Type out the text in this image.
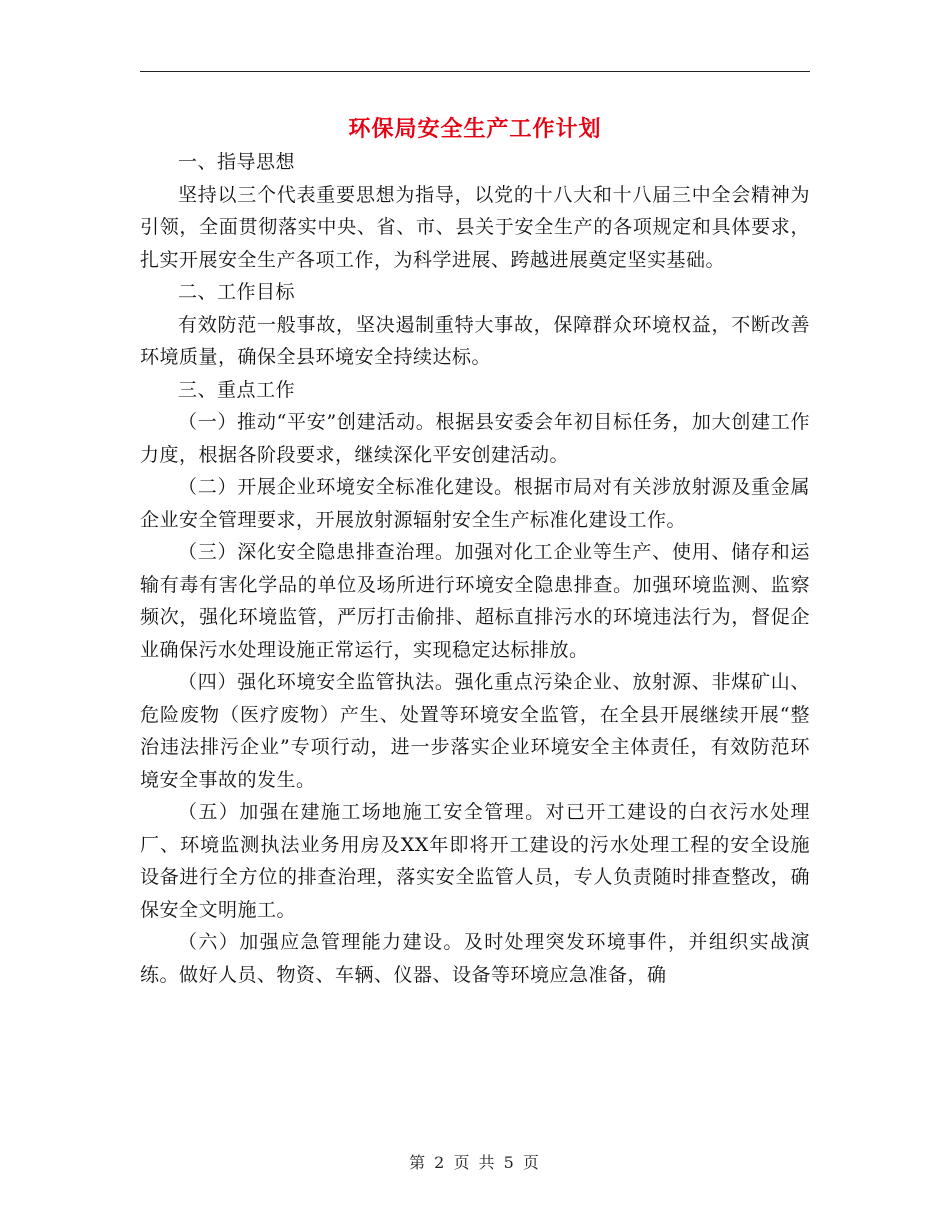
环保局安全生产工作计划

一、指导思想

坚持以三个代表重要思想为指导，以党的十八大和十八届三中全会精神为引领，全面贯彻落实中央、省、市、县关于安全生产的各项规定和具体要求，扎实开展安全生产各项工作，为科学进展、跨越进展奠定坚实基础。

二、工作目标

有效防范一般事故，坚决遏制重特大事故，保障群众环境权益，不断改善环境质量，确保全县环境安全持续达标。

三、重点工作

（一）推动“平安”创建活动。根据县安委会年初目标任务，加大创建工作力度，根据各阶段要求，继续深化平安创建活动。

（二）开展企业环境安全标准化建设。根据市局对有关涉放射源及重金属企业安全管理要求，开展放射源辐射安全生产标准化建设工作。

（三）深化安全隐患排查治理。加强对化工企业等生产、使用、储存和运输有毒有害化学品的单位及场所进行环境安全隐患排查。加强环境监测、监察频次，强化环境监管，严厉打击偷排、超标直排污水的环境违法行为，督促企业确保污水处理设施正常运行，实现稳定达标排放。

（四）强化环境安全监管执法。强化重点污染企业、放射源、非煤矿山、危险废物（医疗废物）产生、处置等环境安全监管，在全县开展继续开展“整治违法排污企业”专项行动，进一步落实企业环境安全主体责任，有效防范环境安全事故的发生。

（五）加强在建施工场地施工安全管理。对已开工建设的白衣污水处理厂、环境监测执法业务用房及XX年即将开工建设的污水处理工程的安全设施设备进行全方位的排查治理，落实安全监管人员，专人负责随时排查整改，确保安全文明施工。

（六）加强应急管理能力建设。及时处理突发环境事件，并组织实战演练。做好人员、物资、车辆、仪器、设备等环境应急准备，确

第 2 页 共 5 页
